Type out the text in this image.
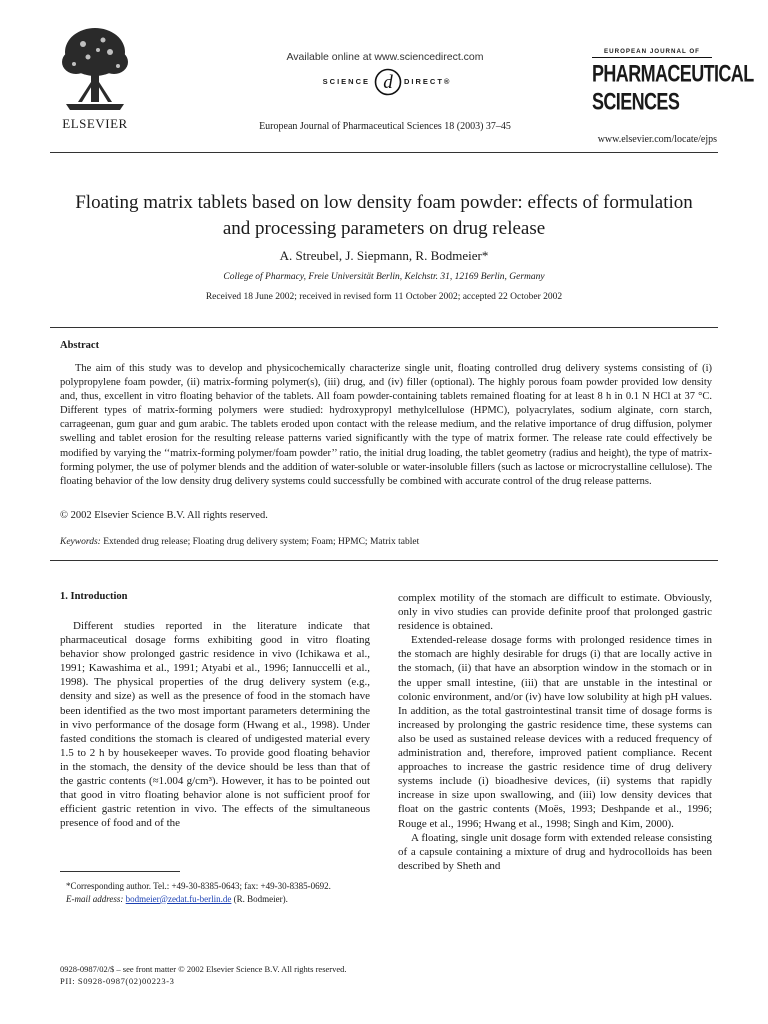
ELSEVIER
Available online at www.sciencedirect.com
SCIENCE d DIRECT®
European Journal of Pharmaceutical Sciences 18 (2003) 37–45
EUROPEAN JOURNAL OF
PHARMACEUTICAL
SCIENCES
www.elsevier.com/locate/ejps
Floating matrix tablets based on low density foam powder: effects of formulation and processing parameters on drug release
A. Streubel, J. Siepmann, R. Bodmeier*
College of Pharmacy, Freie Universität Berlin, Kelchstr. 31, 12169 Berlin, Germany
Received 18 June 2002; received in revised form 11 October 2002; accepted 22 October 2002
Abstract
The aim of this study was to develop and physicochemically characterize single unit, floating controlled drug delivery systems consisting of (i) polypropylene foam powder, (ii) matrix-forming polymer(s), (iii) drug, and (iv) filler (optional). The highly porous foam powder provided low density and, thus, excellent in vitro floating behavior of the tablets. All foam powder-containing tablets remained floating for at least 8 h in 0.1 N HCl at 37 °C. Different types of matrix-forming polymers were studied: hydroxypropyl methylcellulose (HPMC), polyacrylates, sodium alginate, corn starch, carrageenan, gum guar and gum arabic. The tablets eroded upon contact with the release medium, and the relative importance of drug diffusion, polymer swelling and tablet erosion for the resulting release patterns varied significantly with the type of matrix former. The release rate could effectively be modified by varying the ‘‘matrix-forming polymer/foam powder’’ ratio, the initial drug loading, the tablet geometry (radius and height), the type of matrix-forming polymer, the use of polymer blends and the addition of water-soluble or water-insoluble fillers (such as lactose or microcrystalline cellulose). The floating behavior of the low density drug delivery systems could successfully be combined with accurate control of the drug release patterns.
© 2002 Elsevier Science B.V. All rights reserved.
Keywords: Extended drug release; Floating drug delivery system; Foam; HPMC; Matrix tablet
1. Introduction

Different studies reported in the literature indicate that pharmaceutical dosage forms exhibiting good in vitro floating behavior show prolonged gastric residence in vivo (Ichikawa et al., 1991; Kawashima et al., 1991; Atyabi et al., 1996; Iannuccelli et al., 1998). The physical properties of the drug delivery system (e.g., density and size) as well as the presence of food in the stomach have been identified as the two most important parameters determining the in vivo performance of the dosage form (Hwang et al., 1998). Under fasted conditions the stomach is cleared of undigested material every 1.5 to 2 h by housekeeper waves. To provide good floating behavior in the stomach, the density of the device should be less than that of the gastric contents (≈1.004 g/cm³). However, it has to be pointed out that good in vitro floating behavior alone is not sufficient proof for efficient gastric retention in vivo. The effects of the simultaneous presence of food and of the

*Corresponding author. Tel.: +49-30-8385-0643; fax: +49-30-8385-0692.

E-mail address: bodmeier@zedat.fu-berlin.de (R. Bodmeier).

complex motility of the stomach are difficult to estimate. Obviously, only in vivo studies can provide definite proof that prolonged gastric residence is obtained.

Extended-release dosage forms with prolonged residence times in the stomach are highly desirable for drugs (i) that are locally active in the stomach, (ii) that have an absorption window in the stomach or in the upper small intestine, (iii) that are unstable in the intestinal or colonic environment, and/or (iv) have low solubility at high pH values. In addition, as the total gastrointestinal transit time of dosage forms is increased by prolonging the gastric residence time, these systems can also be used as sustained release devices with a reduced frequency of administration and, therefore, improved patient compliance. Recent approaches to increase the gastric residence time of drug delivery systems include (i) bioadhesive devices, (ii) systems that rapidly increase in size upon swallowing, and (iii) low density devices that float on the gastric contents (Moës, 1993; Deshpande et al., 1996; Rouge et al., 1996; Hwang et al., 1998; Singh and Kim, 2000).

A floating, single unit dosage form with extended release consisting of a capsule containing a mixture of drug and hydrocolloids has been described by Sheth and

0928-0987/02/$ – see front matter © 2002 Elsevier Science B.V. All rights reserved.

PII: S0928-0987(02)00223-3
